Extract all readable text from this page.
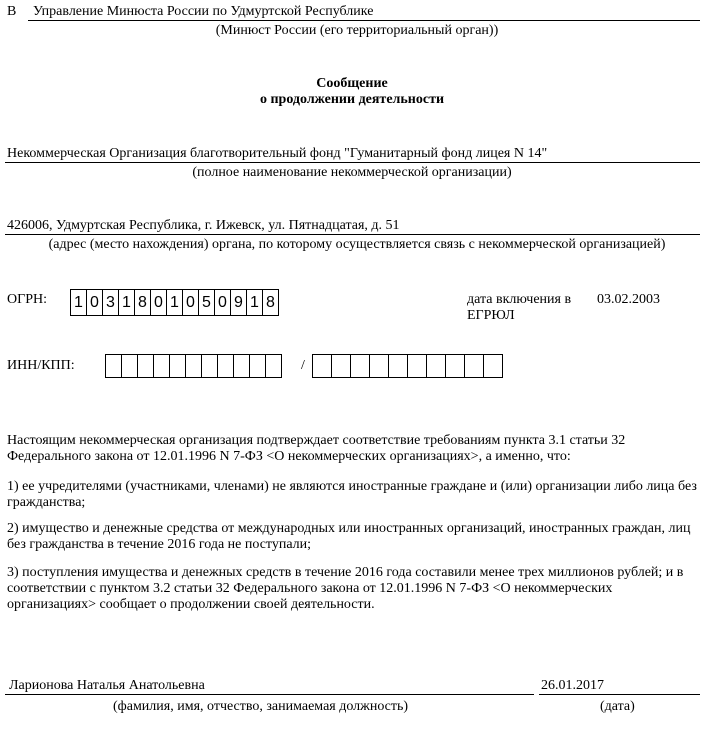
В Управление Минюста России по Удмуртской Республике
(Минюст России (его территориальный орган))
Сообщение
о продолжении деятельности
Некоммерческая Организация благотворительный фонд "Гуманитарный фонд лицея N 14"
(полное наименование некоммерческой организации)
426006, Удмуртская Республика, г. Ижевск, ул. Пятнадцатая, д. 51
(адрес (место нахождения) органа, по которому осуществляется связь с некоммерческой организацией)
ОГРН: 1 0 3 1 8 0 1 0 5 0 9 1 8	дата включения в
ЕГРЮЛ
03.02.2003
ИНН/КПП:	/
Настоящим некоммерческая организация подтверждает соответствие требованиям пункта 3.1 статьи 32 Федерального закона от 12.01.1996 N 7-ФЗ <О некоммерческих организациях>, а именно, что:
1) ее учредителями (участниками, членами) не являются иностранные граждане и (или) организации либо лица без гражданства;
2) имущество и денежные средства от международных или иностранных организаций, иностранных граждан, лиц без гражданства в течение 2016 года не поступали;
3) поступления имущества и денежных средств в течение 2016 года составили менее трех миллионов рублей; и в соответствии с пунктом 3.2 статьи 32 Федерального закона от 12.01.1996 N 7-ФЗ <О некоммерческих организациях> сообщает о продолжении своей деятельности.
Ларионова Наталья Анатольевна	26.01.2017
(фамилия, имя, отчество, занимаемая должность)	(дата)
